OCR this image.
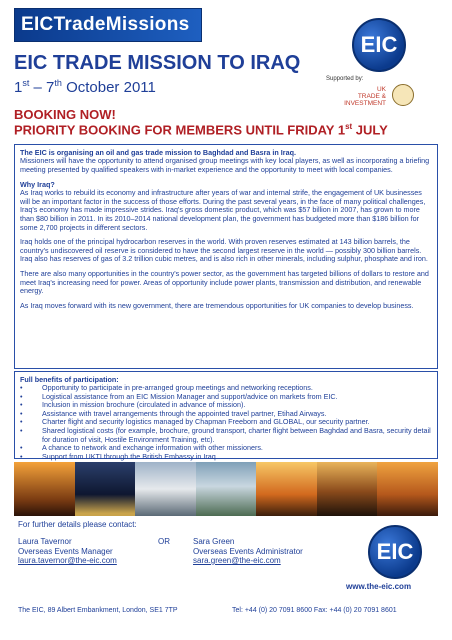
EICTradeMissions
EIC
EIC TRADE MISSION TO IRAQ
1st – 7th October 2011	Supported by:
UK
TRADE &
INVESTMENT
BOOKING NOW!
PRIORITY BOOKING FOR MEMBERS UNTIL FRIDAY 1st JULY
The EIC is organising an oil and gas trade mission to Baghdad and Basra in Iraq.
Missioners will have the opportunity to attend organised group meetings with key local players, as well as incorporating a briefing meeting presented by qualified speakers with in-market experience and the opportunity to meet with local companies.
Why Iraq?
As Iraq works to rebuild its economy and infrastructure after years of war and internal strife, the engagement of UK businesses will be an important factor in the success of those efforts. During the past several years, in the face of many political challenges, Iraq's economy has made impressive strides. Iraq's gross domestic product, which was $57 billion in 2007, has grown to more than $80 billion in 2011. In its 2010–2014 national development plan, the government has budgeted more than $186 billion for some 2,700 projects in different sectors.
Iraq holds one of the principal hydrocarbon reserves in the world. With proven reserves estimated at 143 billion barrels, the country's undiscovered oil reserve is considered to have the second largest reserve in the world — possibly 300 billion barrels. Iraq also has reserves of gas of 3.2 trillion cubic metres, and is also rich in other minerals, including sulphur, phosphate and iron.
There are also many opportunities in the country's power sector, as the government has targeted billions of dollars to restore and meet Iraq's increasing need for power. Areas of opportunity include power plants, transmission and distribution, and renewable energy.
As Iraq moves forward with its new government, there are tremendous opportunities for UK companies to develop business.
Full benefits of participation:
• Opportunity to participate in pre-arranged group meetings and networking receptions.
• Logistical assistance from an EIC Mission Manager and support/advice on markets from EIC.
• Inclusion in mission brochure (circulated in advance of mission).
• Assistance with travel arrangements through the appointed travel partner, Etihad Airways.
• Charter flight and security logistics managed by Chapman Freeborn and GLOBAL, our security partner.
• Shared logistical costs (for example, brochure, ground transport, charter flight between Baghdad and Basra, security detail for duration of visit, Hostile Environment Training, etc).
• A chance to network and exchange information with other missioners.
• Support from UKTI through the British Embassy in Iraq
For further details please contact:
Laura Tavernor
Overseas Events Manager
laura.tavernor@the-eic.com
OR	Sara Green
Overseas Events Administrator
sara.green@the-eic.com	EIC
www.the-eic.com
The EIC, 89 Albert Embankment, London, SE1 7TP	Tel: +44 (0) 20 7091 8600 Fax: +44 (0) 20 7091 8601
